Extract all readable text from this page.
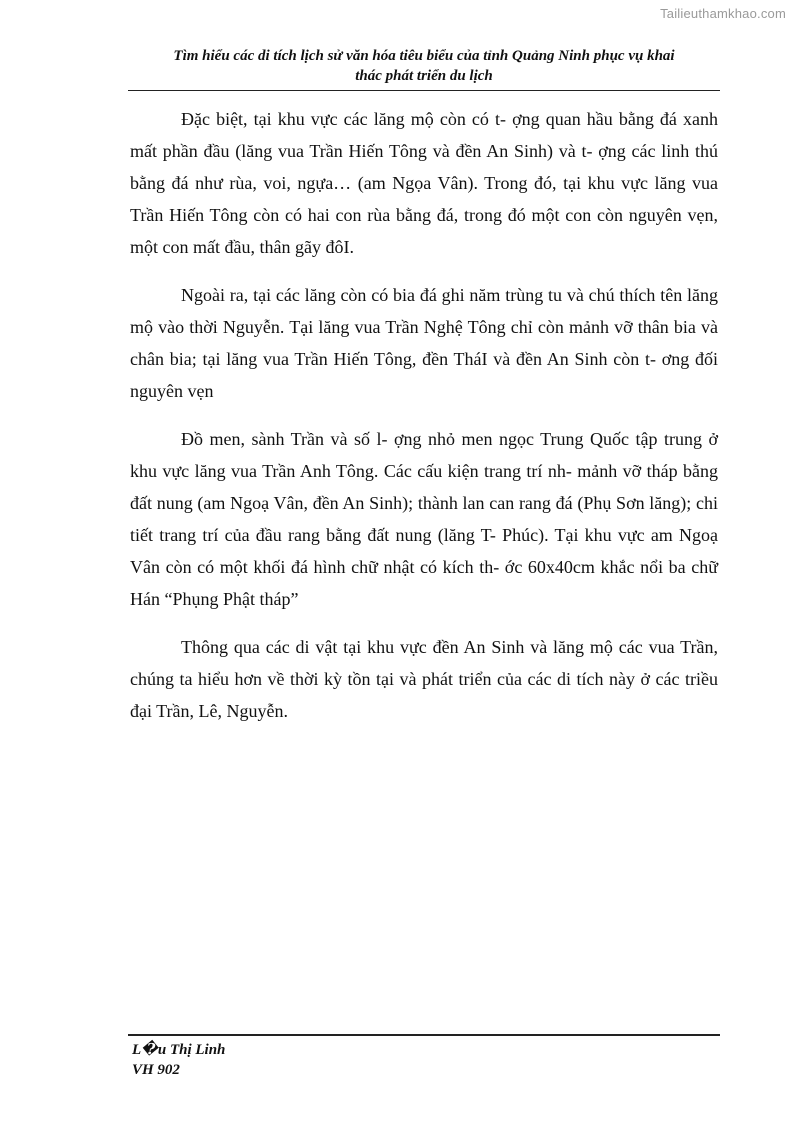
Tailieuthamkhao.com
Tìm hiểu các di tích lịch sử văn hóa tiêu biểu của tỉnh Quảng Ninh phục vụ khai
thác phát triển du lịch

Đặc biệt, tại khu vực các lăng mộ còn có t- ợng quan hầu bằng đá xanh mất phần đầu (lăng vua Trần Hiến Tông và đền An Sinh) và t- ợng các linh thú bằng đá như rùa, voi, ngựa… (am Ngọa Vân). Trong đó, tại khu vực lăng vua Trần Hiến Tông còn có hai con rùa bằng đá, trong đó một con còn nguyên vẹn, một con mất đầu, thân gãy đôI.

Ngoài ra, tại các lăng còn có bia đá ghi năm trùng tu và chú thích tên lăng mộ vào thời Nguyễn. Tại lăng vua Trần Nghệ Tông chỉ còn mảnh vỡ thân bia và chân bia; tại lăng vua Trần Hiến Tông, đền TháI và đền An Sinh còn t- ơng đối nguyên vẹn

Đồ men, sành Trần và số l- ợng nhỏ men ngọc Trung Quốc tập trung ở khu vực lăng vua Trần Anh Tông. Các cấu kiện trang trí nh- mảnh vỡ tháp bằng đất nung (am Ngoạ Vân, đền An Sinh); thành lan can rang đá (Phụ Sơn lăng); chi tiết trang trí của đầu rang bằng đất nung (lăng T- Phúc). Tại khu vực am Ngoạ Vân còn có một khối đá hình chữ nhật có kích th- ớc 60x40cm khắc nổi ba chữ Hán “Phụng Phật tháp”

Thông qua các di vật tại khu vực đền An Sinh và lăng mộ các vua Trần, chúng ta hiểu hơn về thời kỳ tồn tại và phát triển của các di tích này ở các triều đại Trần, Lê, Nguyễn.

L�u Thị Linh
VH 902
